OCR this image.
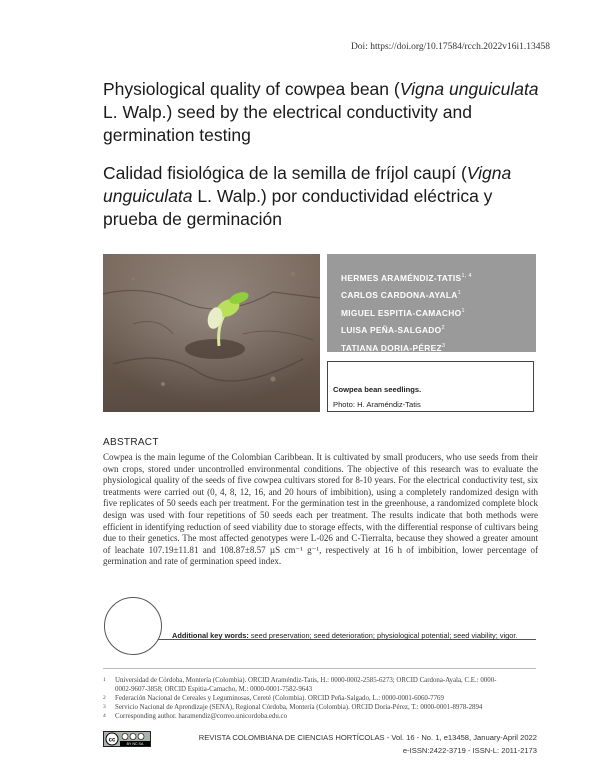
Doi: https://doi.org/10.17584/rcch.2022v16i1.13458
Physiological quality of cowpea bean (Vigna unguiculata L. Walp.) seed by the electrical conductivity and germination testing
Calidad fisiológica de la semilla de fríjol caupí (Vigna unguiculata L. Walp.) por conductividad eléctrica y prueba de germinación
HERMES ARAMÉNDIZ-TATIS$^{1, 4}$
CARLOS CARDONA-AYALA$^1$
MIGUEL ESPITIA-CAMACHO$^1$
LUISA PEÑA-SALGADO$^2$
TATIANA DORIA-PÉREZ$^3$
Cowpea bean seedlings.
Photo: H. Araméndiz-Tatis
ABSTRACT
Cowpea is the main legume of the Colombian Caribbean. It is cultivated by small producers, who use seeds from their own crops, stored under uncontrolled environmental conditions. The objective of this research was to evaluate the physiological quality of the seeds of five cowpea cultivars stored for 8-10 years. For the electrical conductivity test, six treatments were carried out (0, 4, 8, 12, 16, and 20 hours of imbibition), using a completely randomized design with five replicates of 50 seeds each per treatment. For the germination test in the greenhouse, a randomized complete block design was used with four repetitions of 50 seeds each per treatment. The results indicate that both methods were efficient in identifying reduction of seed viability due to storage effects, with the differential response of cultivars being due to their genetics. The most affected genotypes were L-026 and C-Tierralta, because they showed a greater amount of leachate 107.19±11.81 and 108.87±8.57 µS cm⁻¹ g⁻¹, respectively at 16 h of imbibition, lower percentage of germination and rate of germination speed index.
Additional key words: seed preservation; seed deterioration; physiological potential; seed viability; vigor.
1 Universidad de Córdoba, Montería (Colombia). ORCID Araméndiz-Tatis, H.: 0000-0002-2585-6273; ORCID Cardona-Ayala, C.E.: 0000-0002-9607-3858; ORCID Espitia-Camacho, M.: 0000-0001-7582-9643
2 Federación Nacional de Cereales y Leguminosas, Cereté (Colombia). ORCID Peña-Salgado, L.: 0000-0001-6060-7769
3 Servicio Nacional de Aprendizaje (SENA), Regional Córdoba, Montería (Colombia). ORCID Doria-Pérez, T.: 0000-0001-8978-2894
4 Corresponding author. haramendiz@correo.unicordoba.edu.co
cc
BY NC SA
REVISTA COLOMBIANA DE CIENCIAS HORTÍCOLAS - Vol. 16 - No. 1, e13458, January-April 2022
e-ISSN:2422-3719 - ISSN-L: 2011-2173
